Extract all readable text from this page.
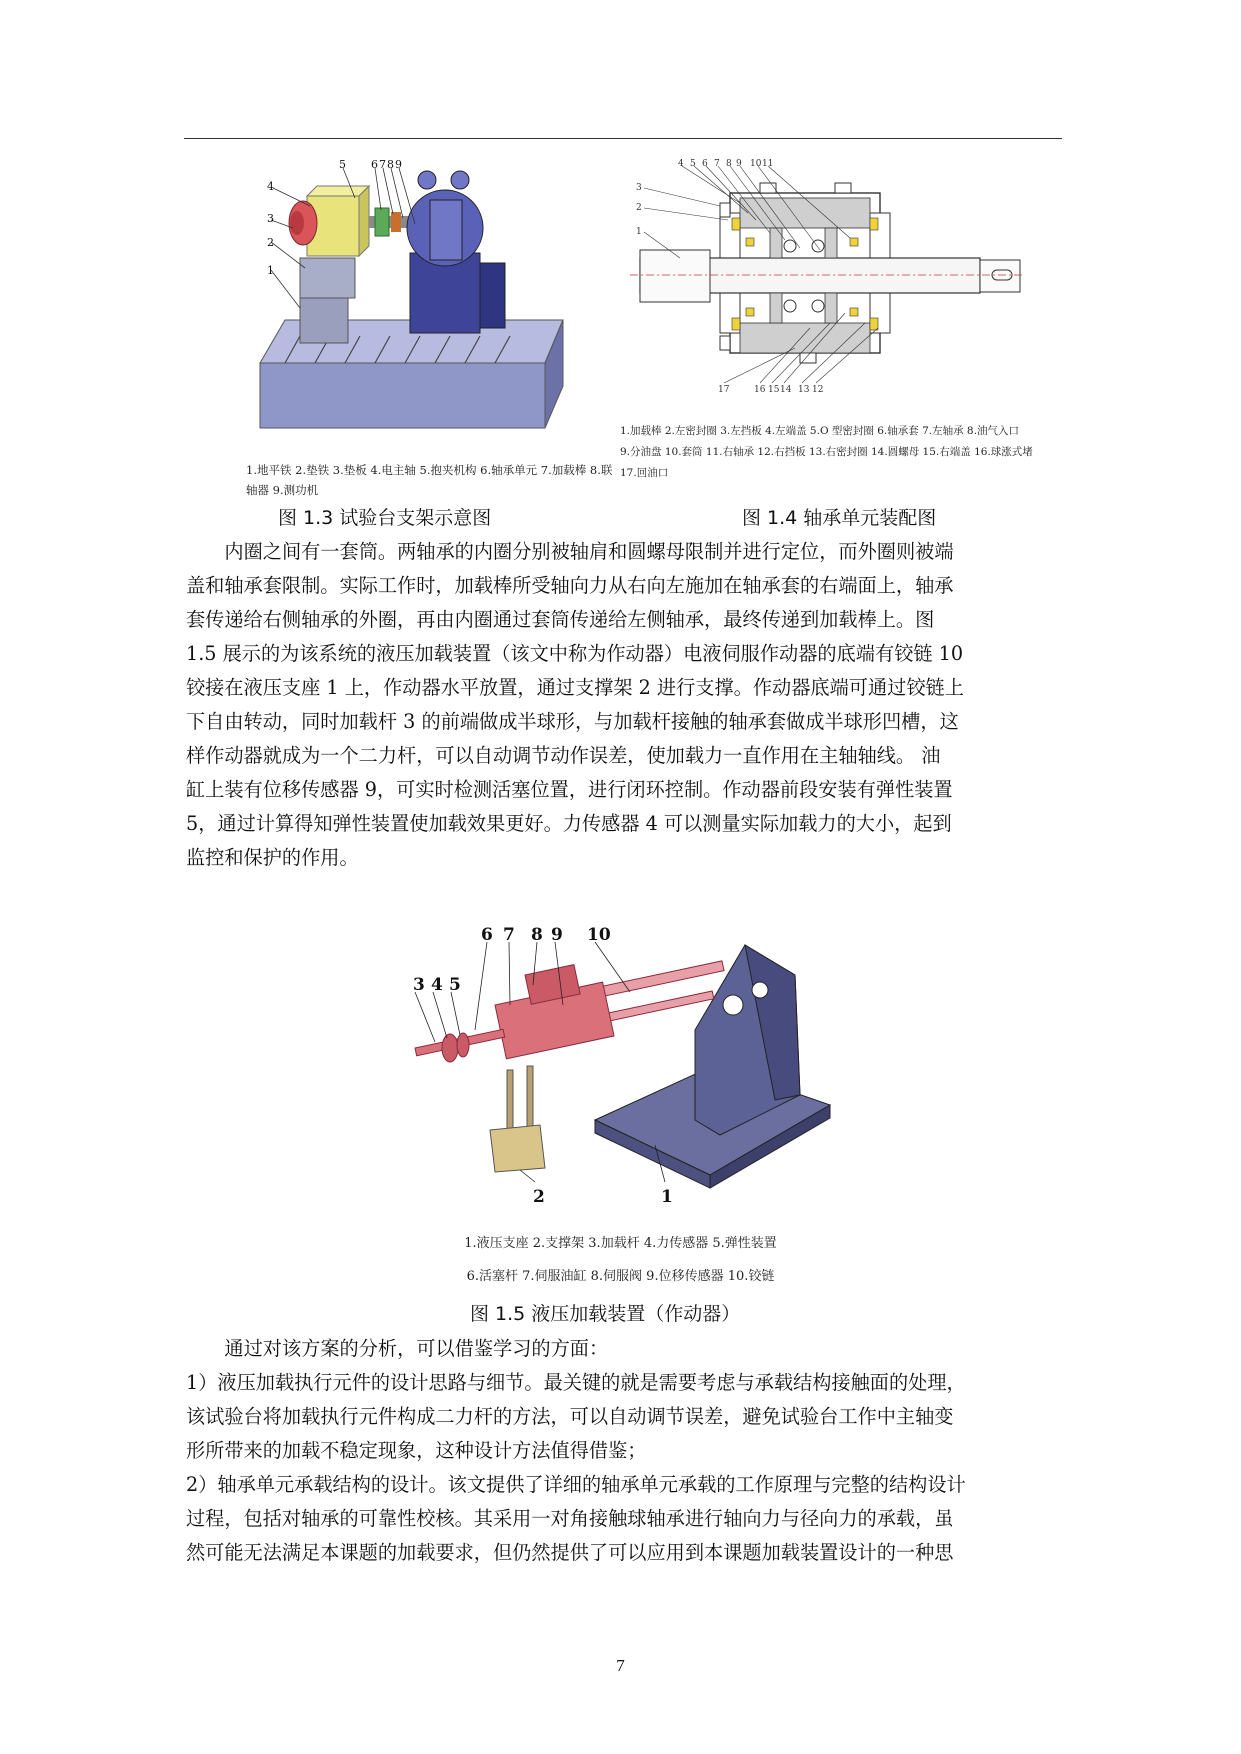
1
2
3
4
5 6 7 8 9
1.地平铁 2.垫铁 3.垫板 4.电主轴 5.抱夹机构 6.轴承单元 7.加载棒 8.联轴器 9.测功机
图 1.3 试验台支架示意图
4 5 6 7 8 9 10 11
3
2
1
17	16 15 14 13 12
1.加载棒 2.左密封圈 3.左挡板 4.左端盖 5.O 型密封圈 6.轴承套 7.左轴承 8.油气入口
9.分油盘 10.套筒 11.右轴承 12.右挡板 13.右密封圈 14.圆螺母 15.右端盖 16.球涨式堵
17.回油口
图 1.4 轴承单元装配图

内圈之间有一套筒。两轴承的内圈分别被轴肩和圆螺母限制并进行定位，而外圈则被端

盖和轴承套限制。实际工作时，加载棒所受轴向力从右向左施加在轴承套的右端面上，轴承

套传递给右侧轴承的外圈，再由内圈通过套筒传递给左侧轴承，最终传递到加载棒上。图

1.5 展示的为该系统的液压加载装置（该文中称为作动器）电液伺服作动器的底端有铰链 10

铰接在液压支座 1 上，作动器水平放置，通过支撑架 2 进行支撑。作动器底端可通过铰链上

下自由转动，同时加载杆 3 的前端做成半球形，与加载杆接触的轴承套做成半球形凹槽，这

样作动器就成为一个二力杆，可以自动调节动作误差，使加载力一直作用在主轴轴线。 油

缸上装有位移传感器 9，可实时检测活塞位置，进行闭环控制。作动器前段安装有弹性装置

5，通过计算得知弹性装置使加载效果更好。力传感器 4 可以测量实际加载力的大小，起到

监控和保护的作用。

3 4 5
6 7 8 9 10
2	1
1.液压支座 2.支撑架 3.加载杆 4.力传感器 5.弹性装置
6.活塞杆 7.伺服油缸 8.伺服阀 9.位移传感器 10.铰链
图 1.5 液压加载装置（作动器）

通过对该方案的分析，可以借鉴学习的方面：

1）液压加载执行元件的设计思路与细节。最关键的就是需要考虑与承载结构接触面的处理，

该试验台将加载执行元件构成二力杆的方法，可以自动调节误差，避免试验台工作中主轴变

形所带来的加载不稳定现象，这种设计方法值得借鉴；

2）轴承单元承载结构的设计。该文提供了详细的轴承单元承载的工作原理与完整的结构设计

过程，包括对轴承的可靠性校核。其采用一对角接触球轴承进行轴向力与径向力的承载，虽

然可能无法满足本课题的加载要求，但仍然提供了可以应用到本课题加载装置设计的一种思

7
